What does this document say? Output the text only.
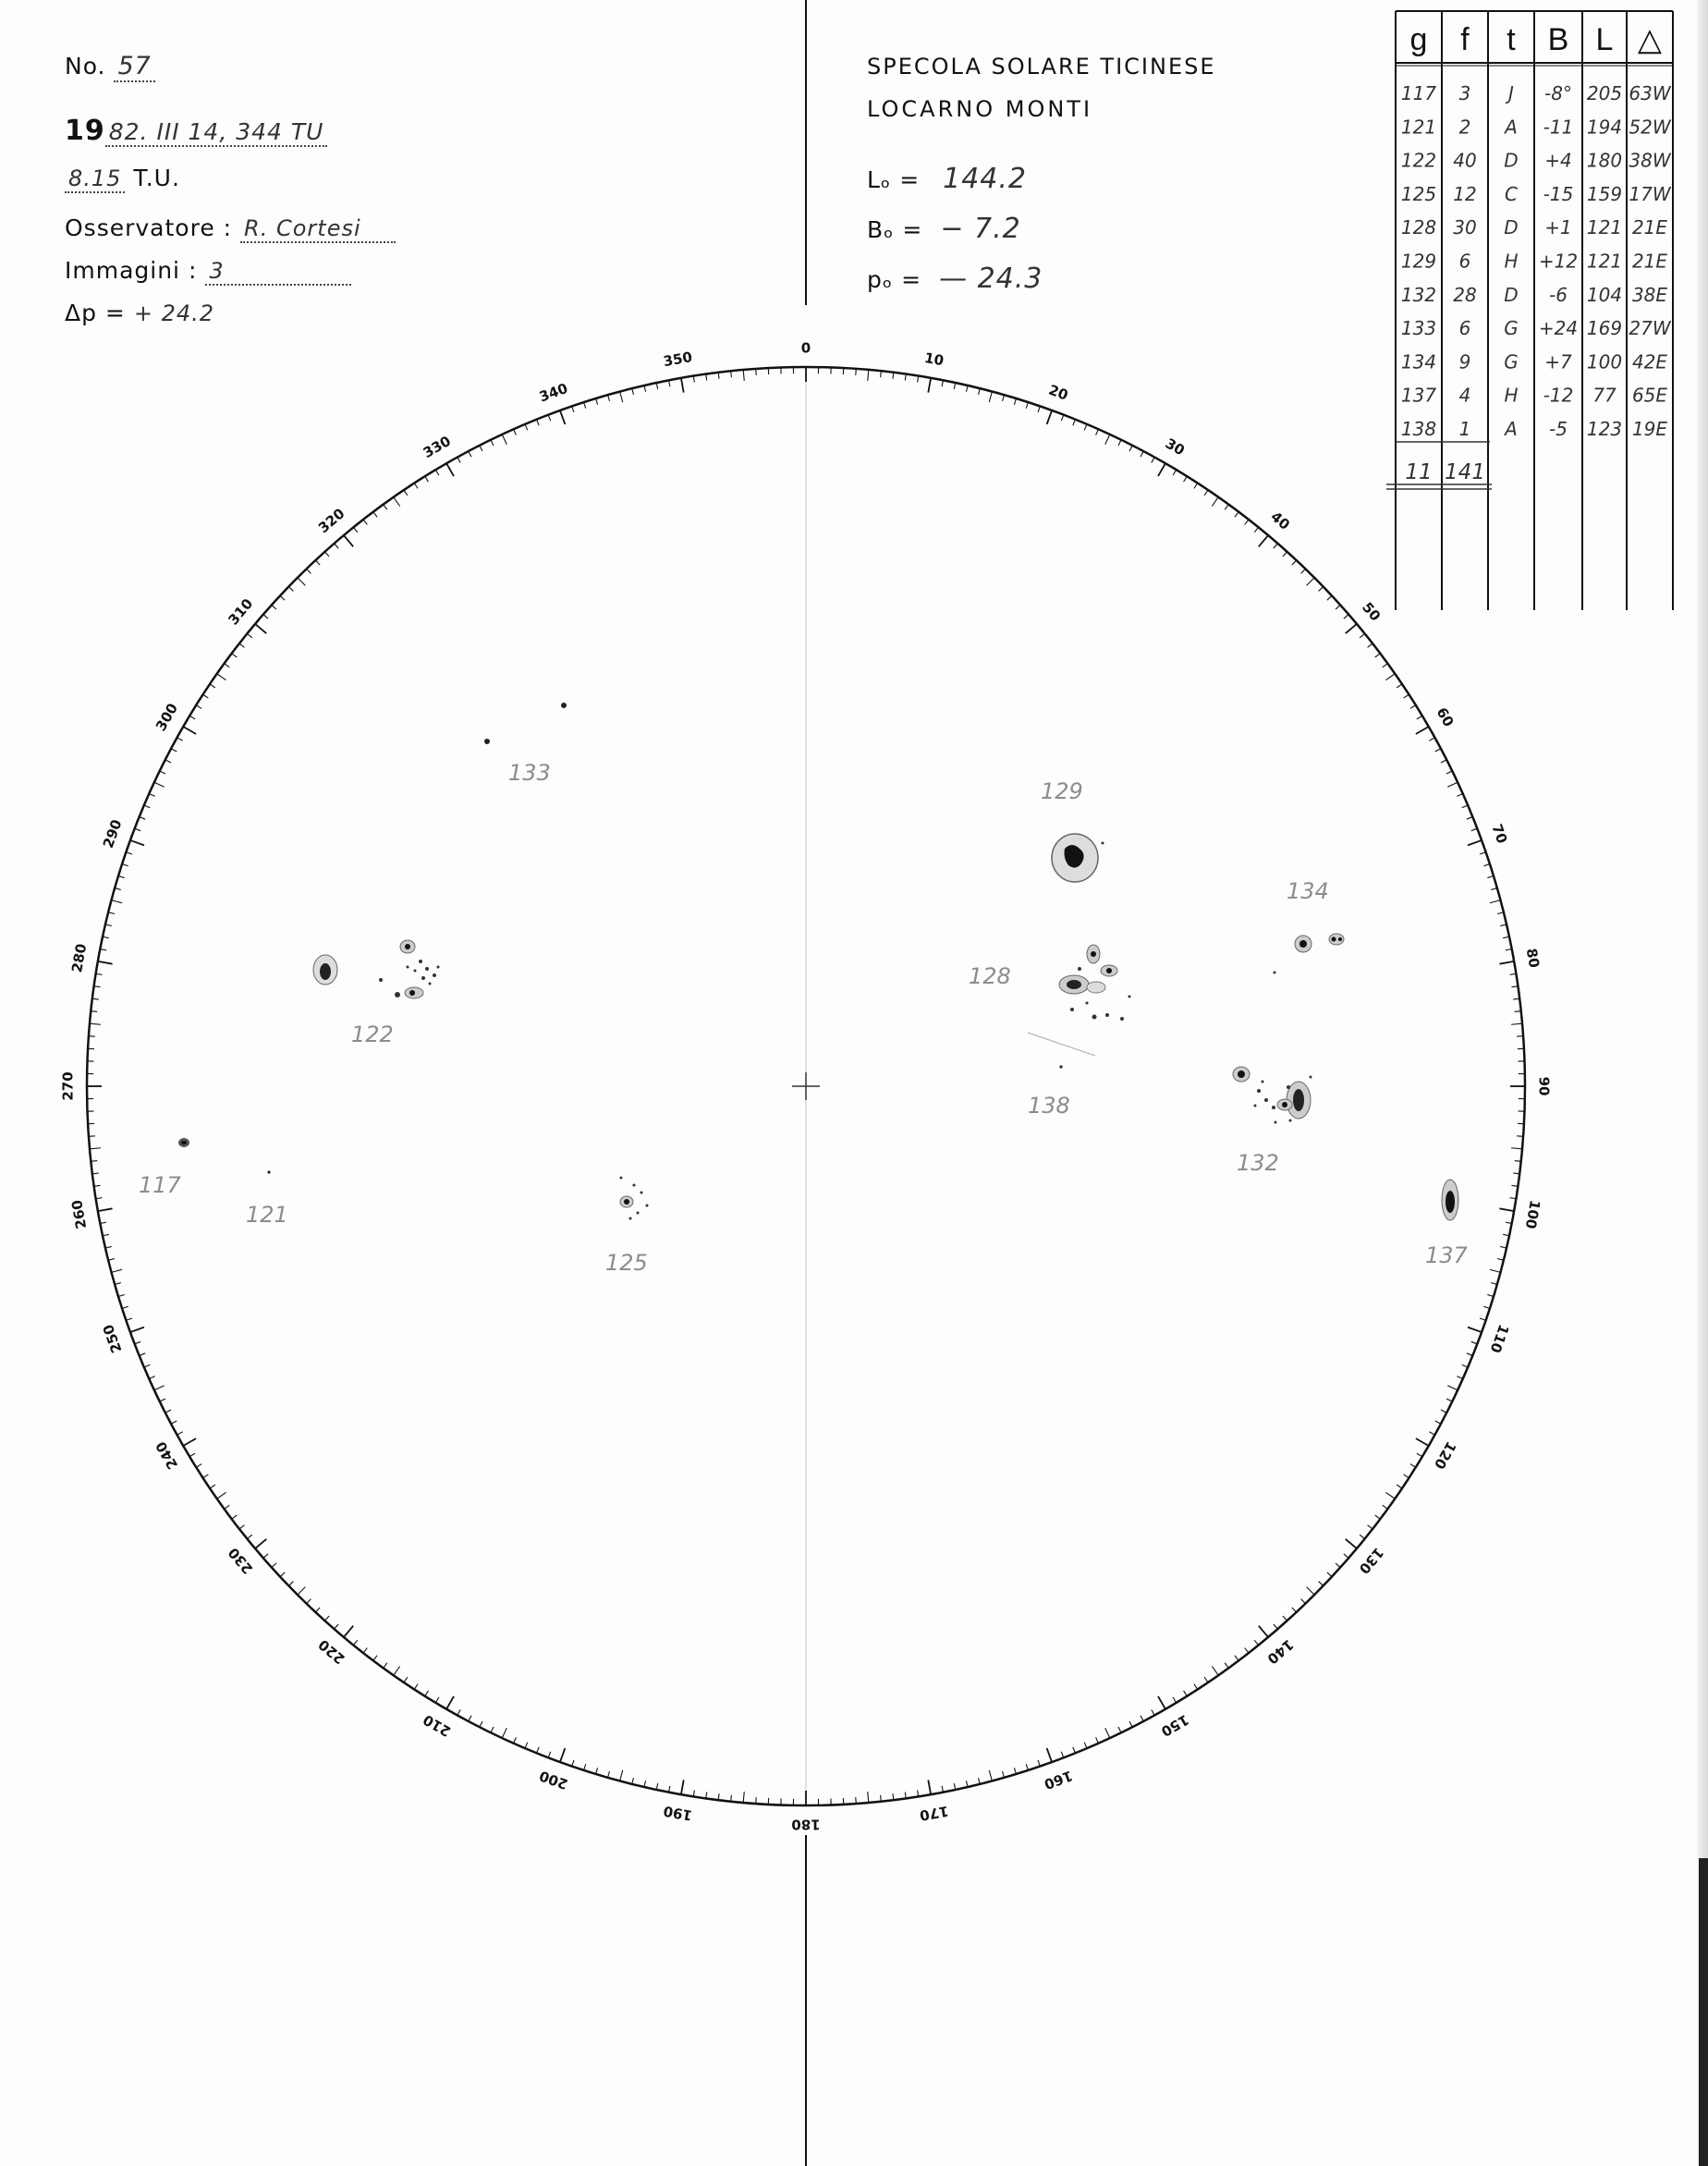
No. 57
19 82. III 14, 344 TU
8.15 T.U.
Osservatore : R. Cortesi
Immagini : 3
Δp = + 24.2
SPECOLA SOLARE TICINESE
LOCARNO MONTI
Lₒ = 144.2
Bₒ = − 7.2
pₒ = — 24.3
0
10
20
30
40
50
60
70
80
90
100
110
120
130
140
150
160
170
180
190
200
210
220
230
240
250
260
270
280
290
300
310
320
330
340
350
117
121
122
125
128
129
132
133
134
137
138
g f t B L △
117 3 J -8° 205 63W
121 2 A -11 194 52W
122 40 D +4 180 38W
125 12 C -15 159 17W
128 30 D +1 121 21E
129 6 H +12 121 21E
132 28 D -6 104 38E
133 6 G +24 169 27W
134 9 G +7 100 42E
137 4 H -12 77 65E
138 1 A -5 123 19E
11 141
